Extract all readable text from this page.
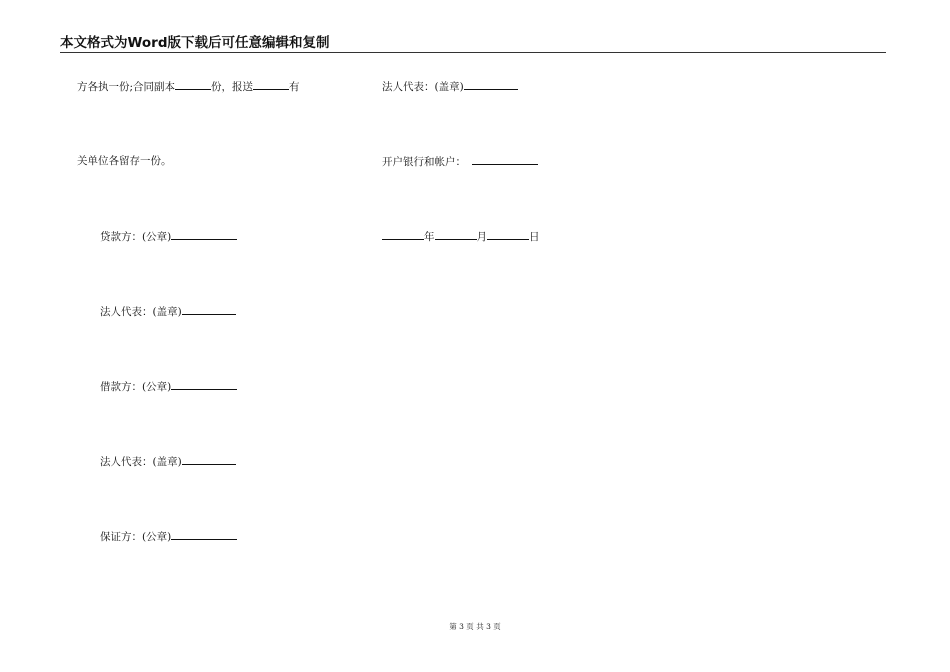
本文格式为Word版下载后可任意编辑和复制
方各执一份;合同副本	份，报送	有
关单位各留存一份。
贷款方：(公章)
法人代表：(盖章)
借款方：(公章)
法人代表：(盖章)
保证方：(公章)
法人代表：(盖章)
开户银行和帐户：
年	月	日
第 3 页 共 3 页
